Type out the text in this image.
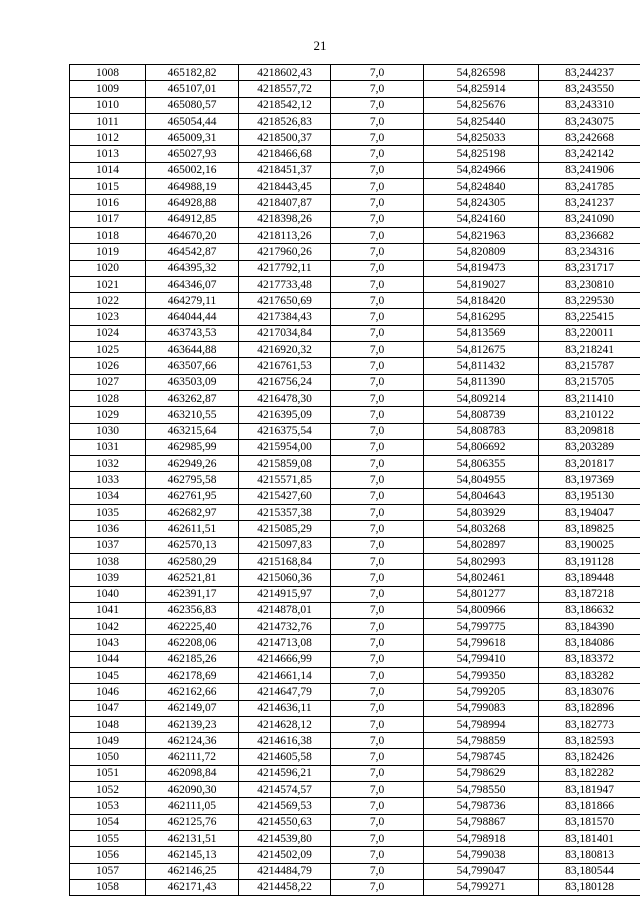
21
1008	465182,82	4218602,43	7,0	54,826598	83,244237
1009	465107,01	4218557,72	7,0	54,825914	83,243550
1010	465080,57	4218542,12	7,0	54,825676	83,243310
1011	465054,44	4218526,83	7,0	54,825440	83,243075
1012	465009,31	4218500,37	7,0	54,825033	83,242668
1013	465027,93	4218466,68	7,0	54,825198	83,242142
1014	465002,16	4218451,37	7,0	54,824966	83,241906
1015	464988,19	4218443,45	7,0	54,824840	83,241785
1016	464928,88	4218407,87	7,0	54,824305	83,241237
1017	464912,85	4218398,26	7,0	54,824160	83,241090
1018	464670,20	4218113,26	7,0	54,821963	83,236682
1019	464542,87	4217960,26	7,0	54,820809	83,234316
1020	464395,32	4217792,11	7,0	54,819473	83,231717
1021	464346,07	4217733,48	7,0	54,819027	83,230810
1022	464279,11	4217650,69	7,0	54,818420	83,229530
1023	464044,44	4217384,43	7,0	54,816295	83,225415
1024	463743,53	4217034,84	7,0	54,813569	83,220011
1025	463644,88	4216920,32	7,0	54,812675	83,218241
1026	463507,66	4216761,53	7,0	54,811432	83,215787
1027	463503,09	4216756,24	7,0	54,811390	83,215705
1028	463262,87	4216478,30	7,0	54,809214	83,211410
1029	463210,55	4216395,09	7,0	54,808739	83,210122
1030	463215,64	4216375,54	7,0	54,808783	83,209818
1031	462985,99	4215954,00	7,0	54,806692	83,203289
1032	462949,26	4215859,08	7,0	54,806355	83,201817
1033	462795,58	4215571,85	7,0	54,804955	83,197369
1034	462761,95	4215427,60	7,0	54,804643	83,195130
1035	462682,97	4215357,38	7,0	54,803929	83,194047
1036	462611,51	4215085,29	7,0	54,803268	83,189825
1037	462570,13	4215097,83	7,0	54,802897	83,190025
1038	462580,29	4215168,84	7,0	54,802993	83,191128
1039	462521,81	4215060,36	7,0	54,802461	83,189448
1040	462391,17	4214915,97	7,0	54,801277	83,187218
1041	462356,83	4214878,01	7,0	54,800966	83,186632
1042	462225,40	4214732,76	7,0	54,799775	83,184390
1043	462208,06	4214713,08	7,0	54,799618	83,184086
1044	462185,26	4214666,99	7,0	54,799410	83,183372
1045	462178,69	4214661,14	7,0	54,799350	83,183282
1046	462162,66	4214647,79	7,0	54,799205	83,183076
1047	462149,07	4214636,11	7,0	54,799083	83,182896
1048	462139,23	4214628,12	7,0	54,798994	83,182773
1049	462124,36	4214616,38	7,0	54,798859	83,182593
1050	462111,72	4214605,58	7,0	54,798745	83,182426
1051	462098,84	4214596,21	7,0	54,798629	83,182282
1052	462090,30	4214574,57	7,0	54,798550	83,181947
1053	462111,05	4214569,53	7,0	54,798736	83,181866
1054	462125,76	4214550,63	7,0	54,798867	83,181570
1055	462131,51	4214539,80	7,0	54,798918	83,181401
1056	462145,13	4214502,09	7,0	54,799038	83,180813
1057	462146,25	4214484,79	7,0	54,799047	83,180544
1058	462171,43	4214458,22	7,0	54,799271	83,180128
